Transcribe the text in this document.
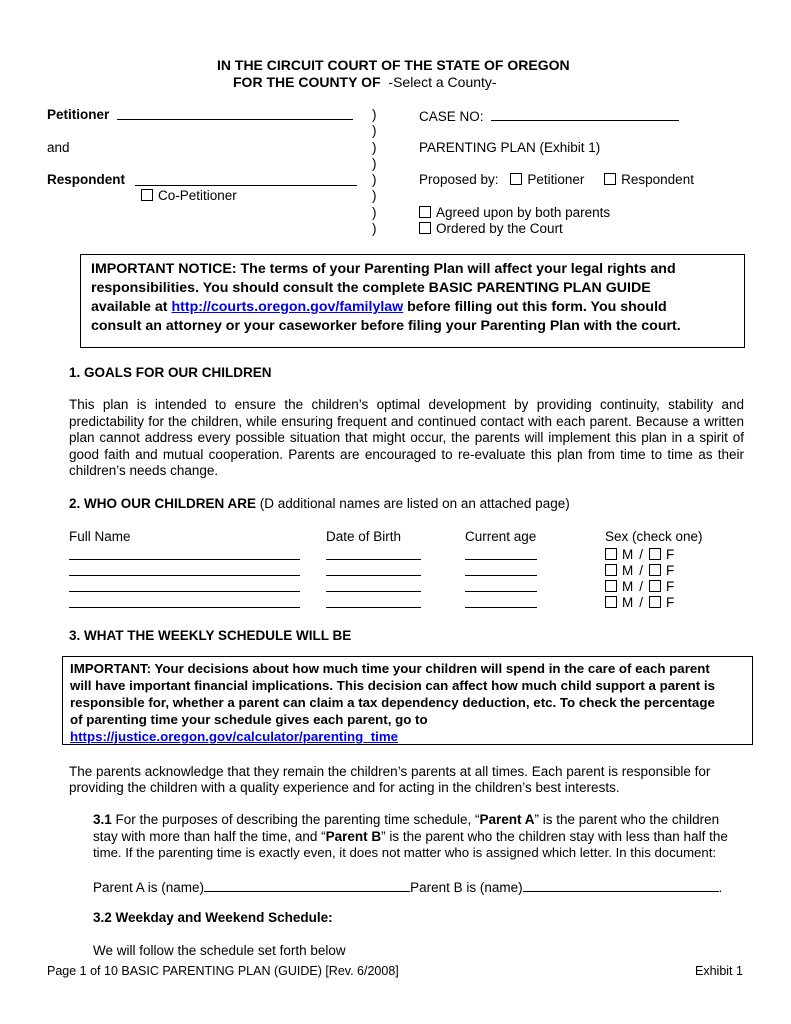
IN THE CIRCUIT COURT OF THE STATE OF OREGON
FOR THE COUNTY OF
-Select a County-
Petitioner
and
Respondent
Co-Petitioner
)
)
)
)
)
)
)
)
CASE NO:
PARENTING PLAN (Exhibit 1)
Proposed by: Petitioner	Respondent
Agreed upon by both parents
Ordered by the Court
IMPORTANT NOTICE: The terms of your Parenting Plan will affect your legal rights and
responsibilities. You should consult the complete BASIC PARENTING PLAN GUIDE
available at http://courts.oregon.gov/familylaw before filling out this form. You should
consult an attorney or your caseworker before filing your Parenting Plan with the court.
1. GOALS FOR OUR CHILDREN
This plan is intended to ensure the children’s optimal development by providing continuity, stability and predictability for the children, while ensuring frequent and continued contact with each parent. Because a written plan cannot address every possible situation that might occur, the parents will implement this plan in a spirit of good faith and mutual cooperation. Parents are encouraged to re-evaluate this plan from time to time as their children’s needs change.
2. WHO OUR CHILDREN ARE (D additional names are listed on an attached page)
Full Name	Date of Birth	Current age	Sex (check one)
M / F
M / F
M / F
M / F
3. WHAT THE WEEKLY SCHEDULE WILL BE
IMPORTANT: Your decisions about how much time your children will spend in the care of each parent
will have important financial implications. This decision can affect how much child support a parent is
responsible for, whether a parent can claim a tax dependency deduction, etc. To check the percentage
of parenting time your schedule gives each parent, go to
https://justice.oregon.gov/calculator/parenting_time
The parents acknowledge that they remain the children’s parents at all times. Each parent is responsible for
providing the children with a quality experience and for acting in the children’s best interests.
3.1 For the purposes of describing the parenting time schedule, “Parent A” is the parent who the children
stay with more than half the time, and “Parent B” is the parent who the children stay with less than half the
time. If the parenting time is exactly even, it does not matter who is assigned which letter. In this document:
Parent A is (name)	Parent B is (name)	.
3.2 Weekday and Weekend Schedule:
We will follow the schedule set forth below
Page 1 of 10 BASIC PARENTING PLAN (GUIDE) [Rev. 6/2008]	Exhibit 1
